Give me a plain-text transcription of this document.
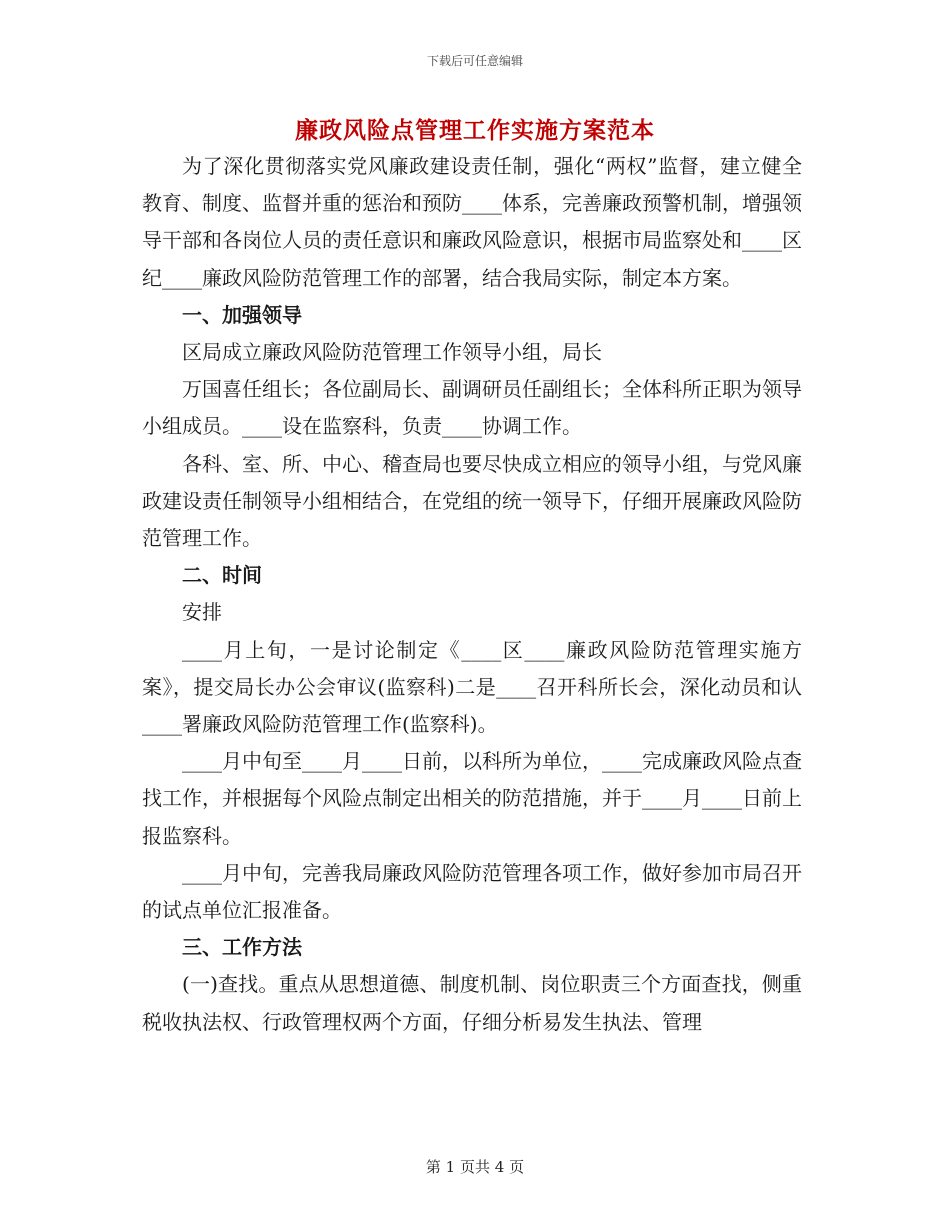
下载后可任意编辑
廉政风险点管理工作实施方案范本

为了深化贯彻落实党风廉政建设责任制，强化“两权”监督，建立健全教育、制度、监督并重的惩治和预防____体系，完善廉政预警机制，增强领导干部和各岗位人员的责任意识和廉政风险意识，根据市局监察处和____区纪____廉政风险防范管理工作的部署，结合我局实际，制定本方案。

一、加强领导

区局成立廉政风险防范管理工作领导小组，局长

万国喜任组长；各位副局长、副调研员任副组长；全体科所正职为领导小组成员。____设在监察科，负责____协调工作。

各科、室、所、中心、稽查局也要尽快成立相应的领导小组，与党风廉政建设责任制领导小组相结合，在党组的统一领导下，仔细开展廉政风险防范管理工作。

二、时间

安排

____月上旬，一是讨论制定《____区____廉政风险防范管理实施方案》，提交局长办公会审议(监察科)二是____召开科所长会，深化动员和认____署廉政风险防范管理工作(监察科)。

____月中旬至____月____日前，以科所为单位，____完成廉政风险点查找工作，并根据每个风险点制定出相关的防范措施，并于____月____日前上报监察科。

____月中旬，完善我局廉政风险防范管理各项工作，做好参加市局召开的试点单位汇报准备。

三、工作方法

(一)查找。重点从思想道德、制度机制、岗位职责三个方面查找，侧重税收执法权、行政管理权两个方面，仔细分析易发生执法、管理

第 1 页共 4 页
